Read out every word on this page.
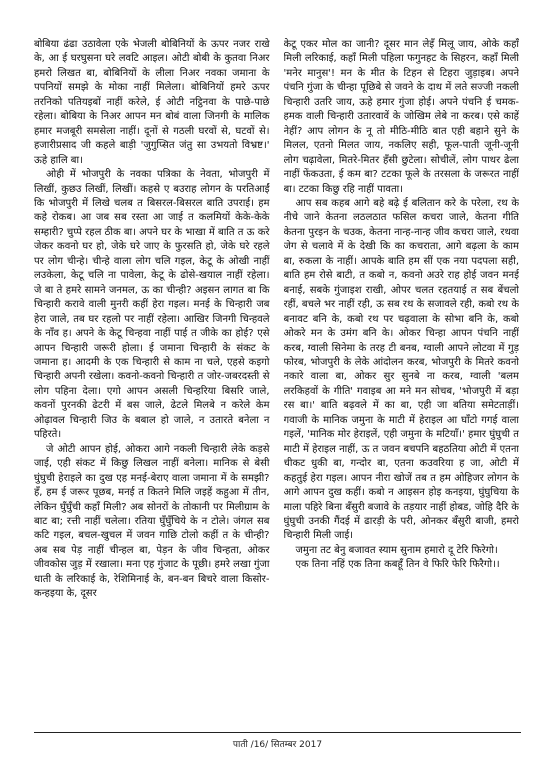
बोबिया ढंढा उठावेला एके भेजली बोबिनियों के ऊपर नजर राखे के, आ ई घरघुसना घरे लवटि आइल। ओटी बोबी के कुतवा निअर हमरो लिखत बा, बोबिनियों के लीला निअर नवका जमाना के पपनियों समझे के मोका नाहीं मिलेला। बोबिनियों हमरे ऊपर तरनिको पतियइबों नाहीं करेले, ई ओटी नट्ठिनवा के पाछे-पाछे रहेला। बोबिया के निअर आपन मन बोबं वाला जिनगी के मालिक हमार मजबूरी समसेला नाहीं। दूनों से गठली घरवों से, घटवों से। हजारीप्रसाद जी कहले बाड़ी 'जुगुप्सित जंतु सा उभयतो विभ्रष्ट।' ऊहे हालि बा।

ओही में भोजपुरी के नवका पत्रिका के नेवता, भोजपुरी में लिखीं, कुछउ लिखीं, लिखीं। कहसे ए बउराह लोगन के परतिआईं कि भोजपुरी में लिखे चलब त बिसरल-बिसरल बाति उपराई। हम कहे रोकब। आ जब सब रस्ता आ जाई त कलमियों केके-केके सम्हारी? चुप्पे रहल ठीक बा। अपने घर के भाखा में बाति त ऊ करे जेकर कवनो घर हो, जेके घरे जाए के फुरसति हो, जेके घरे रहले पर लोग चीन्हे। चीन्हे वाला लोग चलि गइल, केटू के ओखी नाहीं लउकेला, केटू चलि ना पावेला, केटू के ढोसे-खयाल नाहीं रहेला। जे बा ते हमरे सामने जनमल, ऊ का चीन्ही? अइसन लागत बा कि चिन्हारी करावे वाली मुनरी कहीं हेरा गइल। मनई के चिन्हारी जब हेरा जाले, तब घर रहलो पर नाहीं रहेला। आखिर जिनगी चिन्हवले के नाँव ह। अपने के केटू चिन्हवा नाहीं पाई त जीके का होई? एसे आपन चिन्हारी जरूरी होला। ई जमाना चिन्हारी के संकट के जमाना ह। आदमी के एक चिन्हारी से काम ना चले, एहसे कइगो चिन्हारी अपनी रखेला। कवनो-कवनो चिन्हारी त जोर-जबरदस्ती से लोग पहिना देला। एगो आपन असली चिन्हरिया बिसरि जाले, कवनों पुरनकी ढेटरी में बस जाले, ढेटले मिलबे न करेले केम ओढ़ावल चिन्हारी जिउ के बबाल हो जाले, न उतारते बनेला न पहिरते।

जे ओटी आपन होई, ओकरा आगे नकली चिन्हारी लेके कड़से जाई, एही संकट में किछु लिखल नाहीं बनेला। मानिक से बेसी घुंघुची हेराइले का दुख एह मनई-बेराए वाला जमाना में के समझी? हँ, हम ई जरूर पूछब, मनई त कितने मिलि जइहें कहुआ में तीन, लेकिन घुँघुँची कहाँ मिली? अब सोनरों के तोकानी पर मिलीग्राम के बाट बा; रत्ती नाहीं चलेला। रतिया घुँघुँचिये के न टोले। जंगल सब कटि गइल, बचल-खुचल में जवन गाछि टोलो कहीं त के चीन्ही? अब सब पेड़ नाहीं चीन्हल बा, पेड़न के जीव चिन्हता, ओकर जीवकोस जुड़ में रखाला। मना एह गुंजाट के पूछी। हमरे लखा गुंजा धाती के लरिकाई के, रेशिमिनाई के, बन-बन बिचरे वाला किसोर-कन्हइया के, दूसर

केटू एकर मोल का जानी? दूसर मान लेइँ मिलू जाय, ओके कहाँ मिली लरिकाई, कहाँ मिली पहिला फगुनहट के सिहरन, कहाँ मिली 'मनेर मानुस'! मन के मीत के टिहन से टिहरा जुड़ाइब। अपने पंचनि गुंजा के चीन्हा पूछिबे से जवने के दाथ में लते सज्जी नकली चिन्हारी उतरि जाय, ऊहे हमार गुंजा होई। अपने पंचनि ई चमक-हमक वाली चिन्हारी उतारवावें के जोखिम लेबे ना करब। एसे काहें नेहीं? आप लोगन के नू तो मीठि-मीठि बात एही बहाने सुने के मिलल, एतनो मिलत जाय, नकलिए सही, फूल-पाती जूनी-जूनी लोग चढ़ावेला, मितरे-मितर हँसी छुटेला। सोचीलें, लोग पाथर ढेला नाहीं फेंकउता, ई कम बा? टटका फूले के तरसला के जरूरत नाहीं बा। टटका किछु रहि नाहीं पावता।

आप सब कहब आगे बहे बढ़े ई बलितान करे के परेला, रथ के नीचे जाने केतना लठलठात फसिल कचरा जाले, केतना गीति केतना पुरइन के चउक, केतना नान्ह-नान्ह जीव कचरा जाले, रथवा जेग से चलावे में के देखी कि का कचराता, आगे बढ़ला के काम बा, रुकला के नाहीं। आपके बाति हम सीं एक नया पदपला सही, बाति हम रोसे बाटी, त कबो न, कवनो अउरे राह होई जवन मनई बनाई, सबके गुंजाइश राखी, ओपर चलत रहतयाई त सब बेंचलो रहीं, बचले भर नाहीं रही, ऊ सब रथ के सजावले रही, कबो रथ के बनावट बनि के, कबो रथ पर चढ़वाला के सोभा बनि के, कबो ओकरे मन के उमंग बनि के। ओकर चिन्हा आपन पंचनि नाहीं करब, ग्वाली सिनेमा के तरह टी बनब, ग्वाली आपने लोटवा में गुड़ फोरब, भोजपुरी के लेके आंदोलन करब, भोजपुरी के मितरे कवनो नकारे वाला बा, ओकर सुर सुनबे ना करब, ग्वाली 'बलम लरकिहवों के गीति' गवाइब आ मने मन सोचब, 'भोजपुरी में बड़ा रस बा।' बाति बढ़वले में का बा, एही जा बतिया समेटताड़ीं। गवाजी के मानिक जमुना के माटी में हेराइल आ घाँटो गगई वाला गइलें, 'मानिक मोर हेराइलें, एही जमुना के मटियाँ।' हमार घुंघुची त माटी में हेराइल नाहीं, ऊ त जवन बचपनि बहठतिया ओटी में एतना चीकट धुकी बा, गन्दोर बा, एतना कउवरिया ह जा, ओटी में कहतुई हेरा गइल। आपन नीरा खोजें तब त हम ओहिजर लोगन के आगे आपन दुख कहीं। कबो न आइसन होइ कनइया, घुंघुचिया के माला पहिरे बिना बँसुरी बजावे के तड़यार नाहीं होबड, जोहि दैरि के घुंघुची उनकी गैंदई में ढारड़ी के परी, ओनकर बँसुरी बाजी, हमरो चिन्हारी मिली जाई।

जमुना तट बेनु बजावत स्याम सुनाम हमारो दू टेरि फिरेगो।

एक तिना नहिं एक तिना कबहूँ तिन वे फिरि फेरि फिरैगो।।

पाती /16/ सितम्बर 2017
